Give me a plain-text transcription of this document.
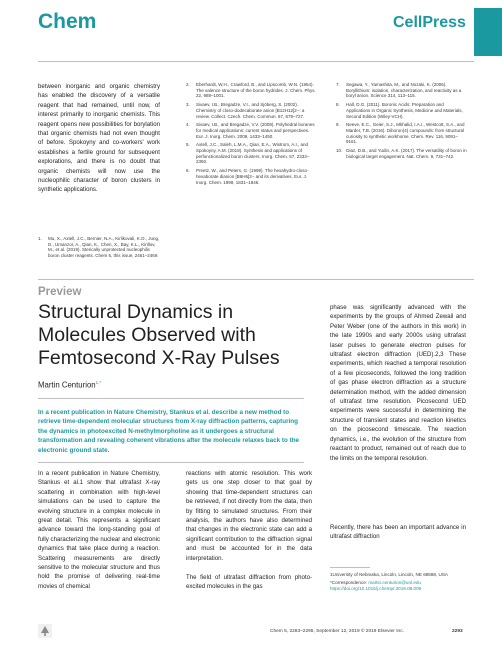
Chem	CellPress
between inorganic and organic chemistry has enabled the discovery of a versatile reagent that had remained, until now, of interest primarily to inorganic chemists. This reagent opens new possibilities for borylation that organic chemists had not even thought of before. Spokoyny and co-workers' work establishes a fertile ground for subsequent explorations, and there is no doubt that organic chemists will now use the nucleophilic character of boron clusters in synthetic applications.
1.	Mu, X., Axtell, J.C., Bernier, N.A., Kirlikovali, K.O., Jung, D., Umanzor, A., Qian, K., Chen, X., Bay, K.L., Kirillov, M., et al. (2019). Sterically unprotected nucleophilic boron cluster reagents. Chem 5, this issue, 2461–2469.
2.	Eberhardt, W.H., Crawford, B., and Lipscomb, W.N. (1954). The valence structure of the boron hydrides. J. Chem. Phys. 22, 989–1001.
3.	Sivaev, I.B., Bregadze, V.I., and Sjöberg, S. (2002). Chemistry of closo-dodecaborate anion [B12H12]2−: a review. Collect. Czech. Chem. Commun. 67, 679–727.
4.	Sivaev, I.B., and Bregadze, V.V. (2009). Polyhedral boranes for medical applications: current status and perspectives. Eur. J. Inorg. Chem. 2009, 1433–1450.
5.	Axtell, J.C., Saleh, L.M.A., Qian, E.A., Wixtrom, A.I., and Spokoyny, A.M. (2018). Synthesis and applications of perfunctionalized boron clusters. Inorg. Chem. 57, 2333–2350.
6.	Preetz, W., and Peters, G. (1999). The hexahydro-closo-hexaborate dianion [B6H6]2− and its derivatives. Eur. J. Inorg. Chem. 1999, 1831–1846.
7.	Segawa, Y., Yamashita, M., and Nozaki, K. (2006). Boryllithium: isolation, characterization, and reactivity as a boryl anion. Science 314, 113–115.
8.	Hall, D.G. (2011). Boronic Acids: Preparation and Applications in Organic Synthesis, Medicine and Materials, Second Edition (Wiley-VCH).
9.	Neeve, E.C., Geier, S.J., Mkhalid, I.A.I., Westcott, S.A., and Marder, T.B. (2016). Diboron(4) compounds: from structural curiosity to synthetic workhorse. Chem. Rev. 116, 9091–9161.
10. Diaz, D.B., and Yudin, A.K. (2017). The versatility of boron in biological target engagement. Nat. Chem. 9, 731–742.
Preview
Structural Dynamics in Molecules Observed with Femtosecond X-Ray Pulses
Martin Centurion$^{1,*}$
In a recent publication in Nature Chemistry, Stankus et al. describe a new method to retrieve time-dependent molecular structures from X-ray diffraction patterns, capturing the dynamics in photoexcited N-methylmorpholine as it undergoes a structural transformation and revealing coherent vibrations after the molecule relaxes back to the electronic ground state.
In a recent publication in Nature Chemistry, Stankus et al.1 show that ultrafast X-ray scattering in combination with high-level simulations can be used to capture the evolving structure in a complex molecule in great detail. This represents a significant advance toward the long-standing goal of fully characterizing the nuclear and electronic dynamics that take place during a reaction. Scattering measurements are directly sensitive to the molecular structure and thus hold the promise of delivering real-time movies of chemical
reactions with atomic resolution. This work gets us one step closer to that goal by showing that time-dependent structures can be retrieved, if not directly from the data, then by fitting to simulated structures. From their analysis, the authors have also determined that changes in the electronic state can add a significant contribution to the diffraction signal and must be accounted for in the data interpretation.
The field of ultrafast diffraction from photo-excited molecules in the gas
phase was significantly advanced with the experiments by the groups of Ahmed Zewail and Peter Weber (one of the authors in this work) in the late 1990s and early 2000s using ultrafast laser pulses to generate electron pulses for ultrafast electron diffraction (UED).2,3 These experiments, which reached a temporal resolution of a few picoseconds, followed the long tradition of gas phase electron diffraction as a structure determination method, with the added dimension of ultrafast time resolution. Picosecond UED experiments were successful in determining the structure of transient states and reaction kinetics on the picosecond timescale. The reaction dynamics, i.e., the evolution of the structure from reactant to product, remained out of reach due to the limits on the temporal resolution.
Recently, there has been an important advance in ultrafast diffraction
1University of Nebraska, Lincoln, Lincoln, NE 68588, USA
*Correspondence: martin.centurion@unl.edu
https://doi.org/10.1016/j.chempr.2019.08.009
Chem 5, 2283–2295, September 12, 2019 © 2019 Elsevier Inc.	2293
